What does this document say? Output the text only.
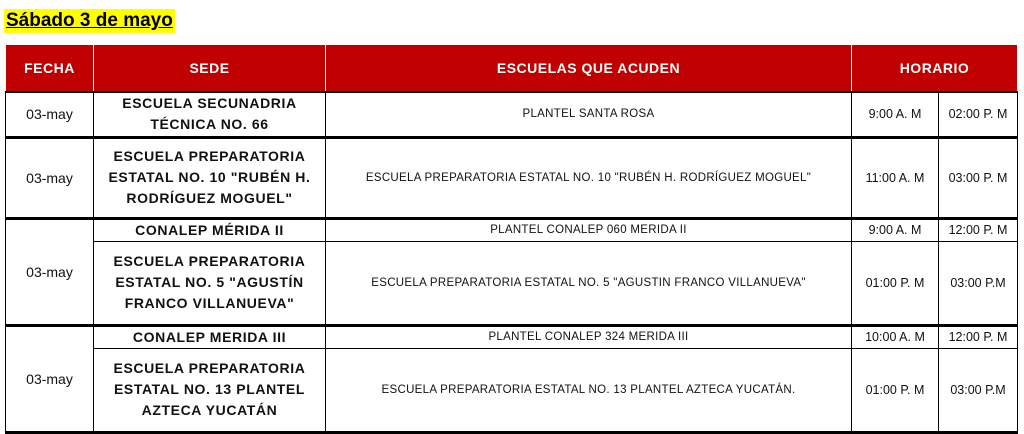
Sábado 3 de mayo
FECHA	SEDE	ESCUELAS QUE ACUDEN	HORARIO	
03-may	ESCUELA SECUNADRIA TÉCNICA NO. 66	PLANTEL SANTA ROSA	9:00 A. M	02:00 P. M
03-may	ESCUELA PREPARATORIA ESTATAL NO. 10 "RUBÉN H. RODRÍGUEZ MOGUEL"	ESCUELA PREPARATORIA ESTATAL NO. 10 "RUBÉN H. RODRÍGUEZ MOGUEL"	11:00 A. M	03:00 P. M
03-may	CONALEP MÉRIDA II	PLANTEL CONALEP 060 MERIDA II	9:00 A. M	12:00 P. M
	ESCUELA PREPARATORIA ESTATAL NO. 5 "AGUSTÍN FRANCO VILLANUEVA"	ESCUELA PREPARATORIA ESTATAL NO. 5 "AGUSTIN FRANCO VILLANUEVA"	01:00 P. M	03:00 P.M
03-may	CONALEP MERIDA III	PLANTEL CONALEP 324 MERIDA III	10:00 A. M	12:00 P. M
	ESCUELA PREPARATORIA ESTATAL NO. 13 PLANTEL AZTECA YUCATÁN	ESCUELA PREPARATORIA ESTATAL NO. 13 PLANTEL AZTECA YUCATÁN.	01:00 P. M	03:00 P.M
